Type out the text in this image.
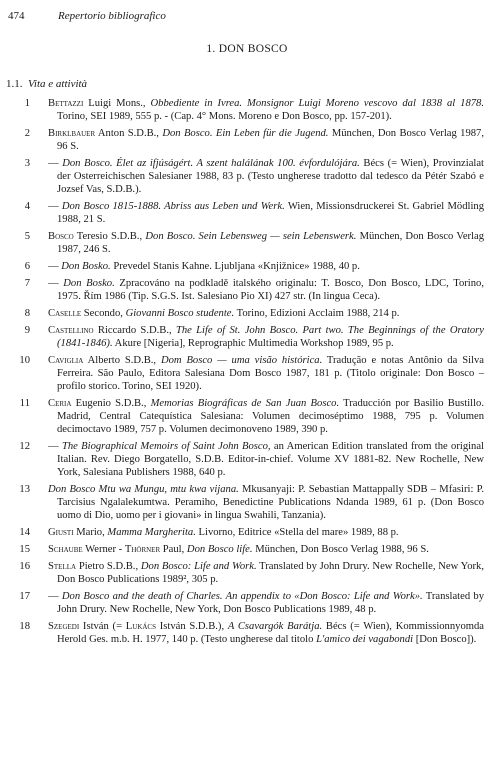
474	Repertorio bibliografico
1. DON BOSCO
1.1. Vita e attività
1 Bettazzi Luigi Mons., Obbediente in Ivrea. Monsignor Luigi Moreno vescovo dal 1838 al 1878. Torino, SEI 1989, 555 p. - (Cap. 4° Mons. Moreno e Don Bosco, pp. 157-201).
2 Birklbauer Anton S.D.B., Don Bosco. Ein Leben für die Jugend. München, Don Bosco Verlag 1987, 96 S.
3 — Don Bosco. Élet az ifjúságért. A szent halálának 100. évfordulójára. Bécs (= Wien), Provinzialat der Osterreichischen Salesianer 1988, 83 p. (Testo ungherese tradotto dal tedesco da Pétér Szabó e Jozsef Vas, S.D.B.).
4 — Don Bosco 1815-1888. Abriss aus Leben und Werk. Wien, Missionsdruckerei St. Gabriel Mödling 1988, 21 S.
5 Bosco Teresio S.D.B., Don Bosco. Sein Lebensweg — sein Lebenswerk. München, Don Bosco Verlag 1987, 246 S.
6 — Don Bosko. Prevedel Stanis Kahne. Ljubljana «Knjižnice» 1988, 40 p.
7 — Don Bosko. Zpracováno na podkladě italského originalu: T. Bosco, Don Bosco, LDC, Torino, 1975. Řím 1986 (Tip. S.G.S. Ist. Salesiano Pio XI) 427 str. (In lingua Ceca).
8 Caselle Secondo, Giovanni Bosco studente. Torino, Edizioni Acclaim 1988, 214 p.
9 Castellino Riccardo S.D.B., The Life of St. John Bosco. Part two. The Beginnings of the Oratory (1841-1846). Akure [Nigeria], Reprographic Multimedia Workshop 1989, 95 p.
10 Caviglia Alberto S.D.B., Dom Bosco — uma visão histórica. Tradução e notas Antônio da Silva Ferreira. São Paulo, Editora Salesiana Dom Bosco 1987, 181 p. (Titolo originale: Don Bosco – profilo storico. Torino, SEI 1920).
11 Ceria Eugenio S.D.B., Memorias Biográficas de San Juan Bosco. Traducción por Basilio Bustillo. Madrid, Central Catequística Salesiana: Volumen decimoséptimo 1988, 795 p. Volumen decimoctavo 1989, 757 p. Volumen decimonoveno 1989, 390 p.
12 — The Biographical Memoirs of Saint John Bosco, an American Edition translated from the original Italian. Rev. Diego Borgatello, S.D.B. Editor-in-chief. Volume XV 1881-82. New Rochelle, New York, Salesiana Publishers 1988, 640 p.
13 Don Bosco Mtu wa Mungu, mtu kwa vijana. Mkusanyaji: P. Sebastian Mattappally SDB – Mfasiri: P. Tarcisius Ngalalekumtwa. Peramiho, Benedictine Publications Ndanda 1989, 61 p. (Don Bosco uomo di Dio, uomo per i giovani» in lingua Swahili, Tanzania).
14 Giusti Mario, Mamma Margherita. Livorno, Editrice «Stella del mare» 1989, 88 p.
15 Schaube Werner - Thörner Paul, Don Bosco life. München, Don Bosco Verlag 1988, 96 S.
16 Stella Pietro S.D.B., Don Bosco: Life and Work. Translated by John Drury. New Rochelle, New York, Don Bosco Publications 1989², 305 p.
17 — Don Bosco and the death of Charles. An appendix to «Don Bosco: Life and Work». Translated by John Drury. New Rochelle, New York, Don Bosco Publications 1989, 48 p.
18 Szegedi István (= Lukács István S.D.B.), A Csavargók Barátja. Bécs (= Wien), Kommissionnyomda Herold Ges. m.b. H. 1977, 140 p. (Testo ungherese dal titolo L'amico dei vagabondi [Don Bosco]).
